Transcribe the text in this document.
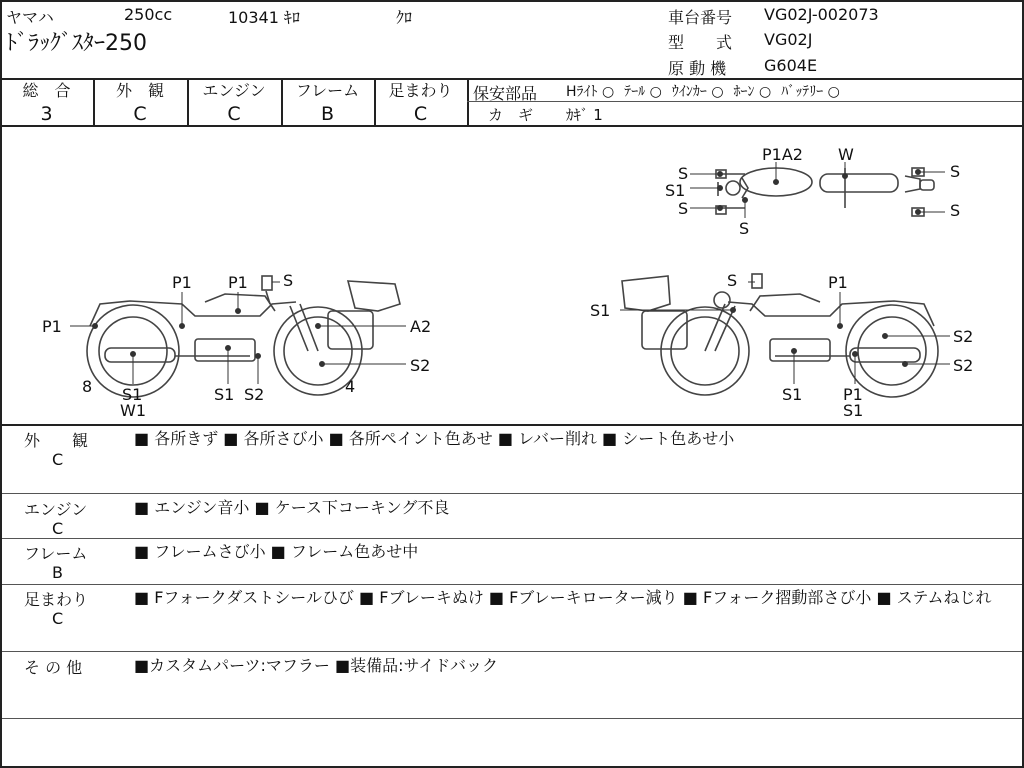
ヤマハ	250cc	10341 ｷﾛ	ｸﾛ
ﾄﾞﾗｯｸﾞｽﾀｰ250
車台番号 VG02J-002073
型　　式 VG02J
原 動 機 G604E
総　合
3
外　観
C
エンジン
C
フレーム
B
足まわり
C
保安部品 Hﾗｲﾄ ○ ﾃｰﾙ ○ ｳｲﾝｶｰ ○ ﾎｰﾝ ○ ﾊﾞｯﾃﾘｰ ○
カ　ギ ｶｷﾞ 1
P1A2 W
S
S1
S
S
S
S
P1 P1 S
P1	A2
S2
4
8 S1
W1
S1 S2
S	P1
S1
S2
S2
S1	P1
S1
外　　観
C
■ 各所きず ■ 各所さび小 ■ 各所ペイント色あせ ■ レバー削れ ■ シート色あせ小
エンジン
C
■ エンジン音小 ■ ケース下コーキング不良
フレーム
B
■ フレームさび小 ■ フレーム色あせ中
足まわり
C
■ Fフォークダストシールひび ■ Fブレーキぬけ ■ Fブレーキローター減り ■ Fフォーク摺動部さび小 ■ ステムねじれ
そ の 他	■カスタムパーツ:マフラー ■装備品:サイドバック
